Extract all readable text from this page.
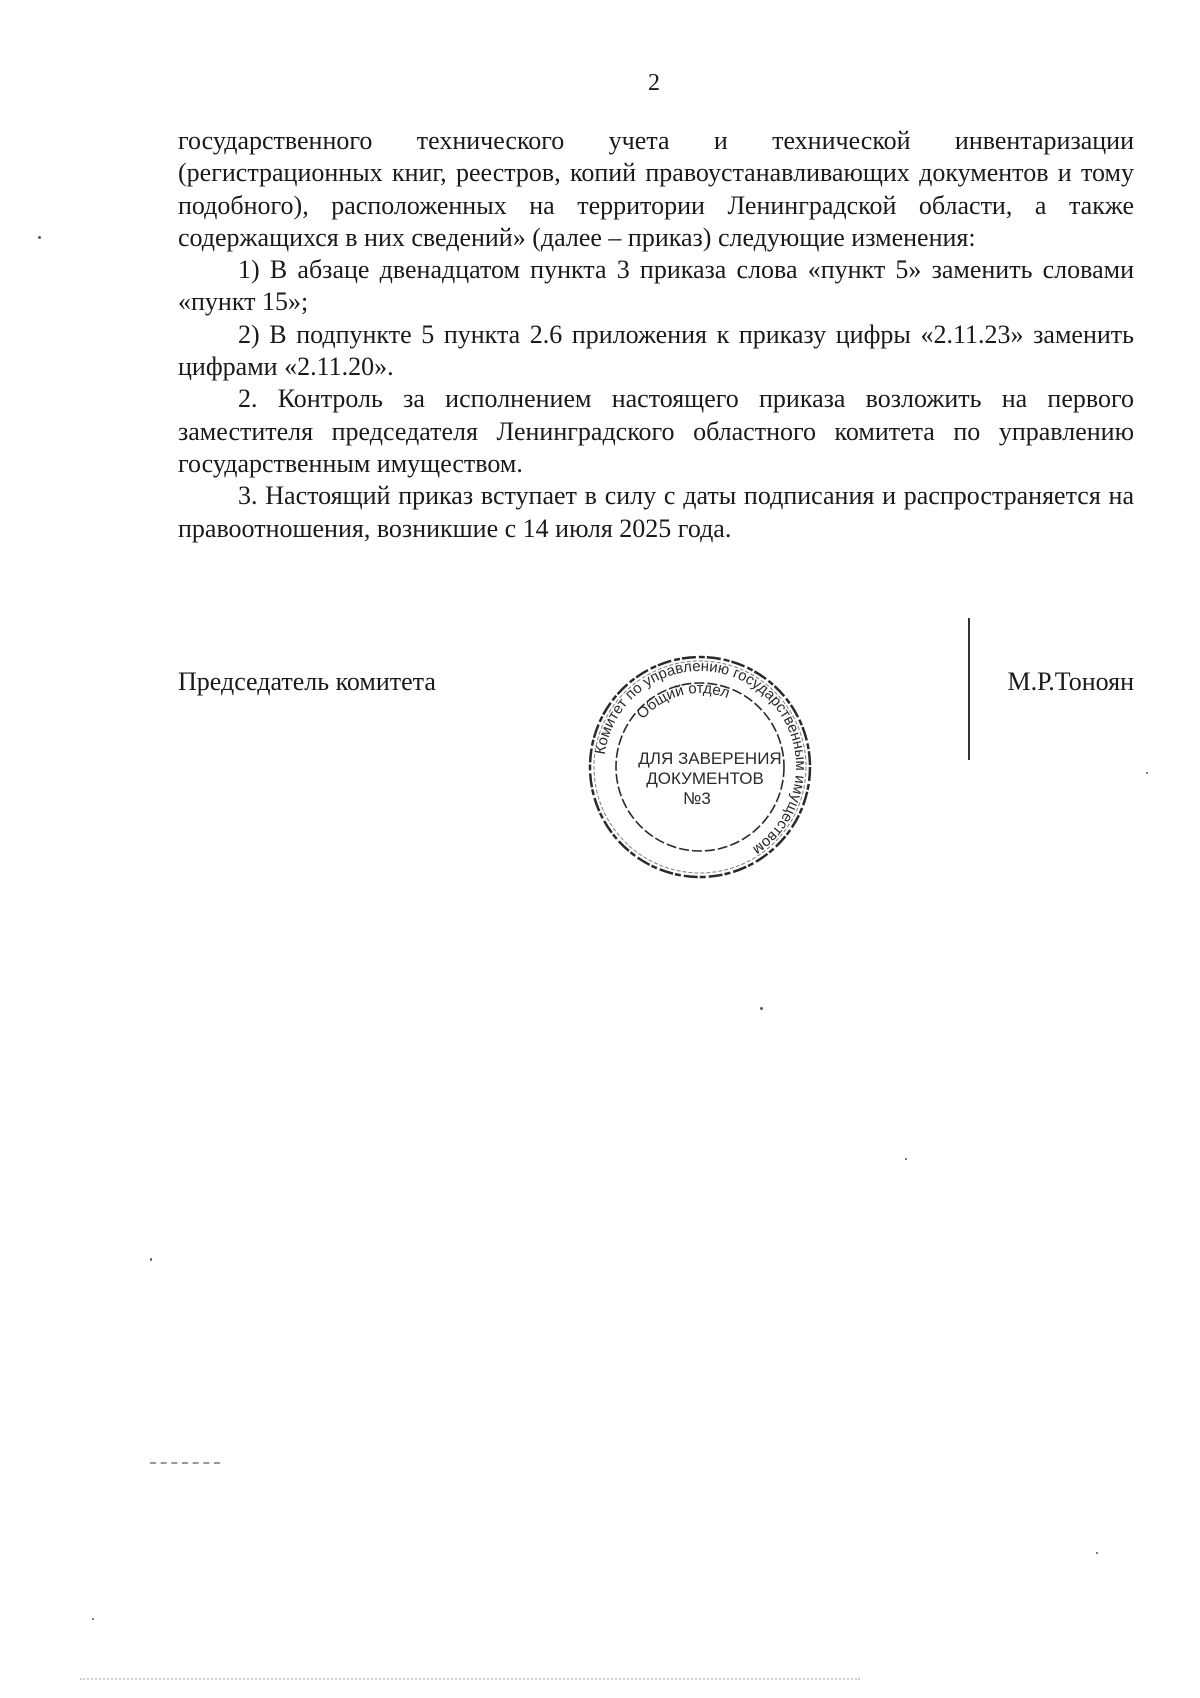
2

государственного технического учета и технической инвентаризации (регистрационных книг, реестров, копий правоустанавливающих документов и тому подобного), расположенных на территории Ленинградской области, а также содержащихся в них сведений» (далее – приказ) следующие изменения:

1) В абзаце двенадцатом пункта 3 приказа слова «пункт 5» заменить словами «пункт 15»;

2) В подпункте 5 пункта 2.6 приложения к приказу цифры «2.11.23» заменить цифрами «2.11.20».

2. Контроль за исполнением настоящего приказа возложить на первого заместителя председателя Ленинградского областного комитета по управлению государственным имуществом.

3. Настоящий приказ вступает в силу с даты подписания и распространяется на правоотношения, возникшие с 14 июля 2025 года.

Председатель комитета	М.Р.Тоноян
Комитет по управлению государственным имуществом
Общий отдел
ДЛЯ ЗАВЕРЕНИЯ
ДОКУМЕНТОВ
№3
